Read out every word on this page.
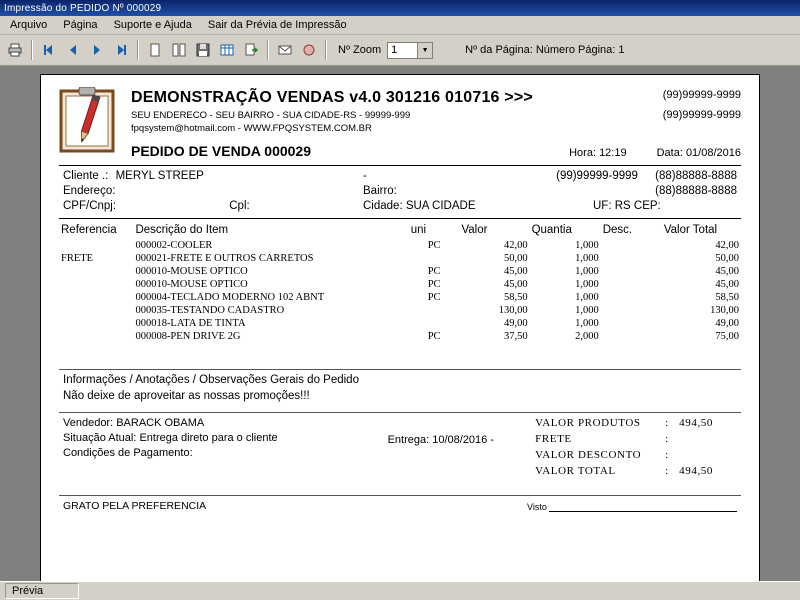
Impressão do PEDIDO Nº 000029
Arquivo	Página	Suporte e Ajuda	Sair da Prévia de Impressão
Nº Zoom 1	▼	Nº da Página: Número Página: 1
DEMONSTRAÇÃO VENDAS v4.0 301216 010716 >>>
SEU ENDERECO - SEU BAIRRO - SUA CIDADE-RS - 99999-999
fpqsystem@hotmail.com - WWW.FPQSYSTEM.COM.BR
(99)99999-9999
(99)99999-9999
PEDIDO DE VENDA 000029	Hora: 12:19	Data: 01/08/2016
Cliente .: MERYL STREEP	-	(99)99999-9999 (88)88888-8888
Endereço:	Bairro:	(88)88888-8888
CPF/Cnpj:	Cpl:	Cidade: SUA CIDADE	UF: RS CEP:
Referencia	Descrição do Item	uni	Valor	Quantia	Desc.	Valor Total
	000002-COOLER	PC	42,00	1,000		42,00
FRETE	000021-FRETE E OUTROS CARRETOS		50,00	1,000		50,00
	000010-MOUSE OPTICO	PC	45,00	1,000		45,00
	000010-MOUSE OPTICO	PC	45,00	1,000		45,00
	000004-TECLADO MODERNO 102 ABNT	PC	58,50	1,000		58,50
	000035-TESTANDO CADASTRO		130,00	1,000		130,00
	000018-LATA DE TINTA		49,00	1,000		49,00
	000008-PEN DRIVE 2G	PC	37,50	2,000		75,00
Informações / Anotações / Observações Gerais do Pedido
Não deixe de aproveitar as nossas promoções!!!
Vendedor: BARACK OBAMA
Situação Atual: Entrega direto para o cliente
Condições de Pagamento:
Entrega: 10/08/2016 -
VALOR PRODUTOS	: 494,50
FRETE	:
VALOR DESCONTO	:
VALOR TOTAL	: 494,50
GRATO PELA PREFERENCIA	Visto
Prévia
